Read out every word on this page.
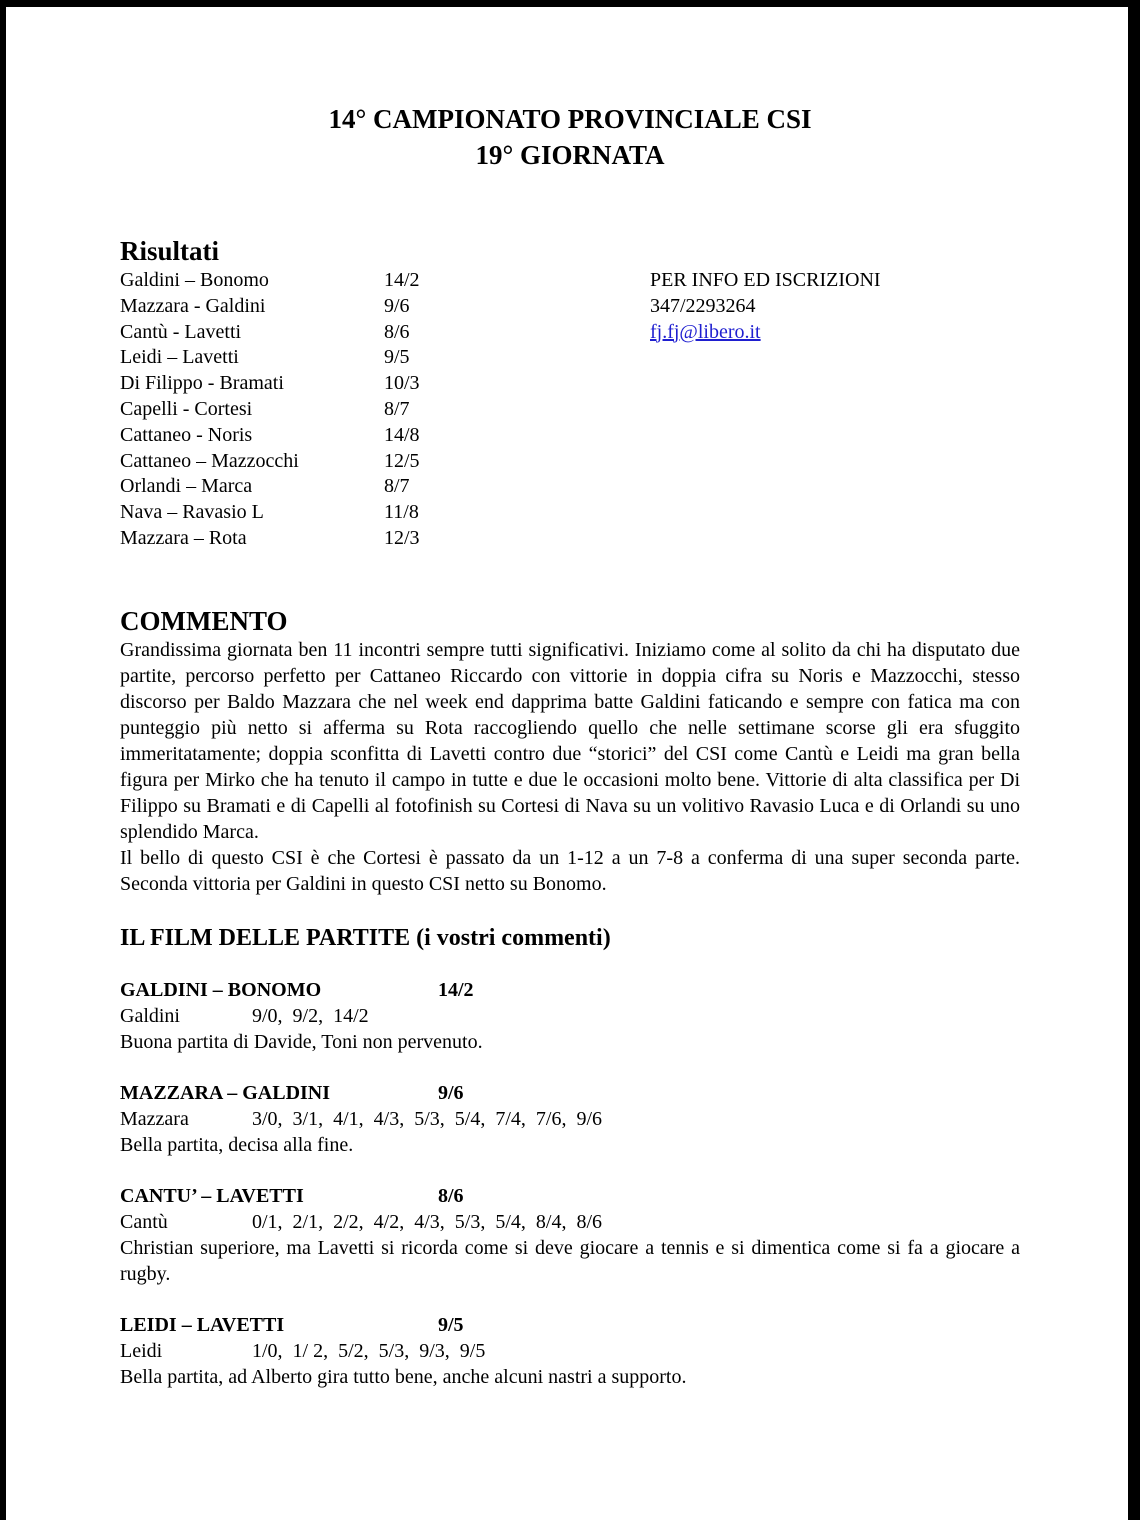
14° CAMPIONATO PROVINCIALE CSI
19° GIORNATA
Risultati
Galdini – Bonomo	14/2
Mazzara - Galdini	9/6
Cantù - Lavetti	8/6
Leidi – Lavetti	9/5
Di Filippo - Bramati	10/3
Capelli - Cortesi	8/7
Cattaneo - Noris	14/8
Cattaneo – Mazzocchi	12/5
Orlandi – Marca	8/7
Nava – Ravasio L	11/8
Mazzara – Rota	12/3
PER INFO ED ISCRIZIONI
347/2293264
fj.fj@libero.it
COMMENTO
Grandissima giornata ben 11 incontri sempre tutti significativi. Iniziamo come al solito da chi ha disputato due partite, percorso perfetto per Cattaneo Riccardo con vittorie in doppia cifra su Noris e Mazzocchi, stesso discorso per Baldo Mazzara che nel week end dapprima batte Galdini faticando e sempre con fatica ma con punteggio più netto si afferma su Rota raccogliendo quello che nelle settimane scorse gli era sfuggito immeritatamente; doppia sconfitta di Lavetti contro due “storici” del CSI come Cantù e Leidi ma gran bella figura per Mirko che ha tenuto il campo in tutte e due le occasioni molto bene. Vittorie di alta classifica per Di Filippo su Bramati e di Capelli al fotofinish su Cortesi di Nava su un volitivo Ravasio Luca e di Orlandi su uno splendido Marca.
Il bello di questo CSI è che Cortesi è passato da un 1-12 a un 7-8 a conferma di una super seconda parte. Seconda vittoria per Galdini in questo CSI netto su Bonomo.
IL FILM DELLE PARTITE (i vostri commenti)
GALDINI – BONOMO	14/2
Galdini	9/0,  9/2,  14/2
Buona partita di Davide, Toni non pervenuto.
MAZZARA – GALDINI	9/6
Mazzara	3/0,  3/1,  4/1,  4/3,  5/3,  5/4,  7/4,  7/6,  9/6
Bella partita, decisa alla fine.
CANTU’ – LAVETTI	8/6
Cantù	0/1,  2/1,  2/2,  4/2,  4/3,  5/3,  5/4,  8/4,  8/6
Christian superiore, ma Lavetti si ricorda come si deve giocare a tennis e si dimentica come si fa a giocare a rugby.
LEIDI – LAVETTI	9/5
Leidi	1/0,  1/ 2,  5/2,  5/3,  9/3,  9/5
Bella partita, ad Alberto gira tutto bene, anche alcuni nastri a supporto.
